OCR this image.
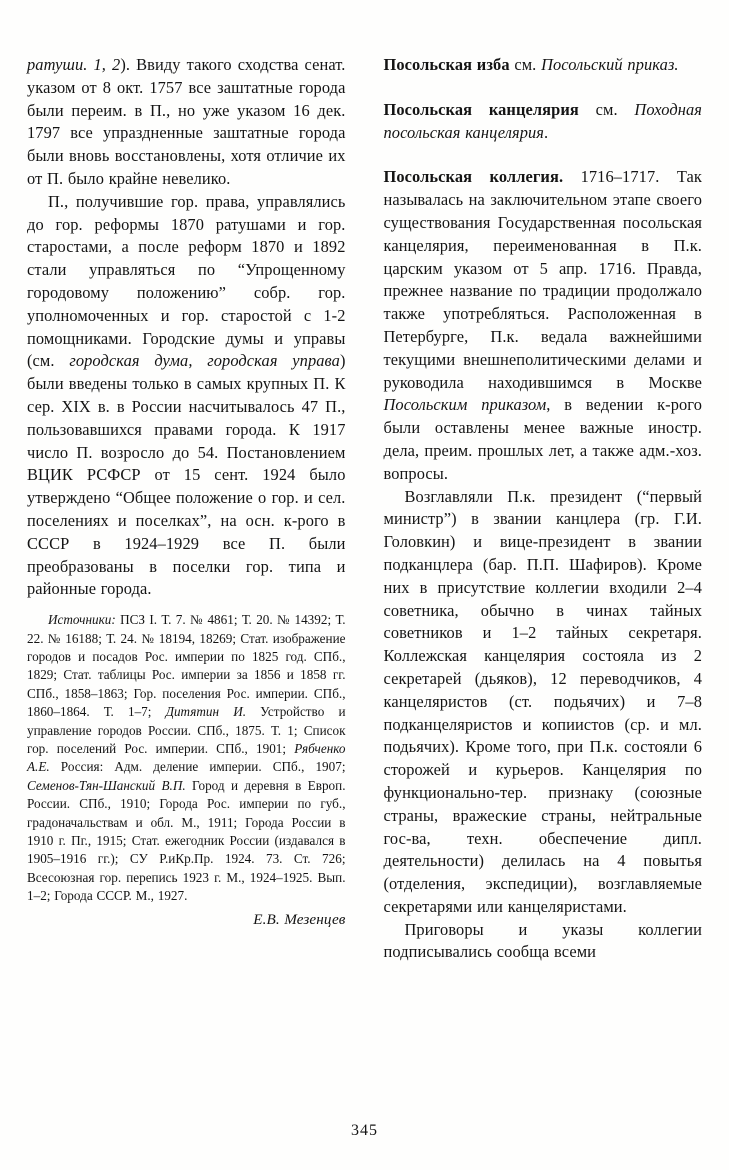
ратуши. 1, 2). Ввиду такого сходства сенат. указом от 8 окт. 1757 все заштатные города были переим. в П., но уже указом 16 дек. 1797 все упраздненные заштатные города были вновь восстановлены, хотя отличие их от П. было крайне невелико.

П., получившие гор. права, управлялись до гор. реформы 1870 ратушами и гор. старостами, а после реформ 1870 и 1892 стали управляться по “Упрощенному городовому положению” собр. гор. уполномоченных и гор. старостой с 1-2 помощниками. Городские думы и управы (см. городская дума, городская управа) были введены только в самых крупных П. К сер. XIX в. в России насчитывалось 47 П., пользовавшихся правами города. К 1917 число П. возросло до 54. Постановлением ВЦИК РСФСР от 15 сент. 1924 было утверждено “Общее положение о гор. и сел. поселениях и поселках”, на осн. к-рого в СССР в 1924–1929 все П. были преобразованы в поселки гор. типа и районные города.

Источники: ПСЗ I. Т. 7. № 4861; Т. 20. № 14392; Т. 22. № 16188; Т. 24. № 18194, 18269; Стат. изображение городов и посадов Рос. империи по 1825 год. СПб., 1829; Стат. таблицы Рос. империи за 1856 и 1858 гг. СПб., 1858–1863; Гор. поселения Рос. империи. СПб., 1860–1864. Т. 1–7; Дитятин И. Устройство и управление городов России. СПб., 1875. Т. 1; Список гор. поселений Рос. империи. СПб., 1901; Рябченко А.Е. Россия: Адм. деление империи. СПб., 1907; Семенов-Тян-Шанский В.П. Город и деревня в Европ. России. СПб., 1910; Города Рос. империи по губ., градоначальствам и обл. М., 1911; Города России в 1910 г. Пг., 1915; Стат. ежегодник России (издавался в 1905–1916 гг.); СУ Р.иКр.Пр. 1924. 73. Ст. 726; Всесоюзная гор. перепись 1923 г. М., 1924–1925. Вып. 1–2; Города СССР. М., 1927.

Е.В. Мезенцев

Посольская изба см. Посольский приказ.

Посольская канцелярия см. Походная посольская канцелярия.

Посольская коллегия. 1716–1717. Так называлась на заключительном этапе своего существования Государственная посольская канцелярия, переименованная в П.к. царским указом от 5 апр. 1716. Правда, прежнее название по традиции продолжало также употребляться. Расположенная в Петербурге, П.к. ведала важнейшими текущими внешнеполитическими делами и руководила находившимся в Москве Посольским приказом, в ведении к-рого были оставлены менее важные иностр. дела, преим. прошлых лет, а также адм.-хоз. вопросы.

Возглавляли П.к. президент (“первый министр”) в звании канцлера (гр. Г.И. Головкин) и вице-президент в звании подканцлера (бар. П.П. Шафиров). Кроме них в присутствие коллегии входили 2–4 советника, обычно в чинах тайных советников и 1–2 тайных секретаря. Коллежская канцелярия состояла из 2 секретарей (дьяков), 12 переводчиков, 4 канцеляристов (ст. подьячих) и 7–8 подканцеляристов и копиистов (ср. и мл. подьячих). Кроме того, при П.к. состояли 6 сторожей и курьеров. Канцелярия по функционально-тер. признаку (союзные страны, вражеские страны, нейтральные гос-ва, техн. обеспечение дипл. деятельности) делилась на 4 повытья (отделения, экспедиции), возглавляемые секретарями или канцеляристами.

Приговоры и указы коллегии подписывались сообща всеми

345
